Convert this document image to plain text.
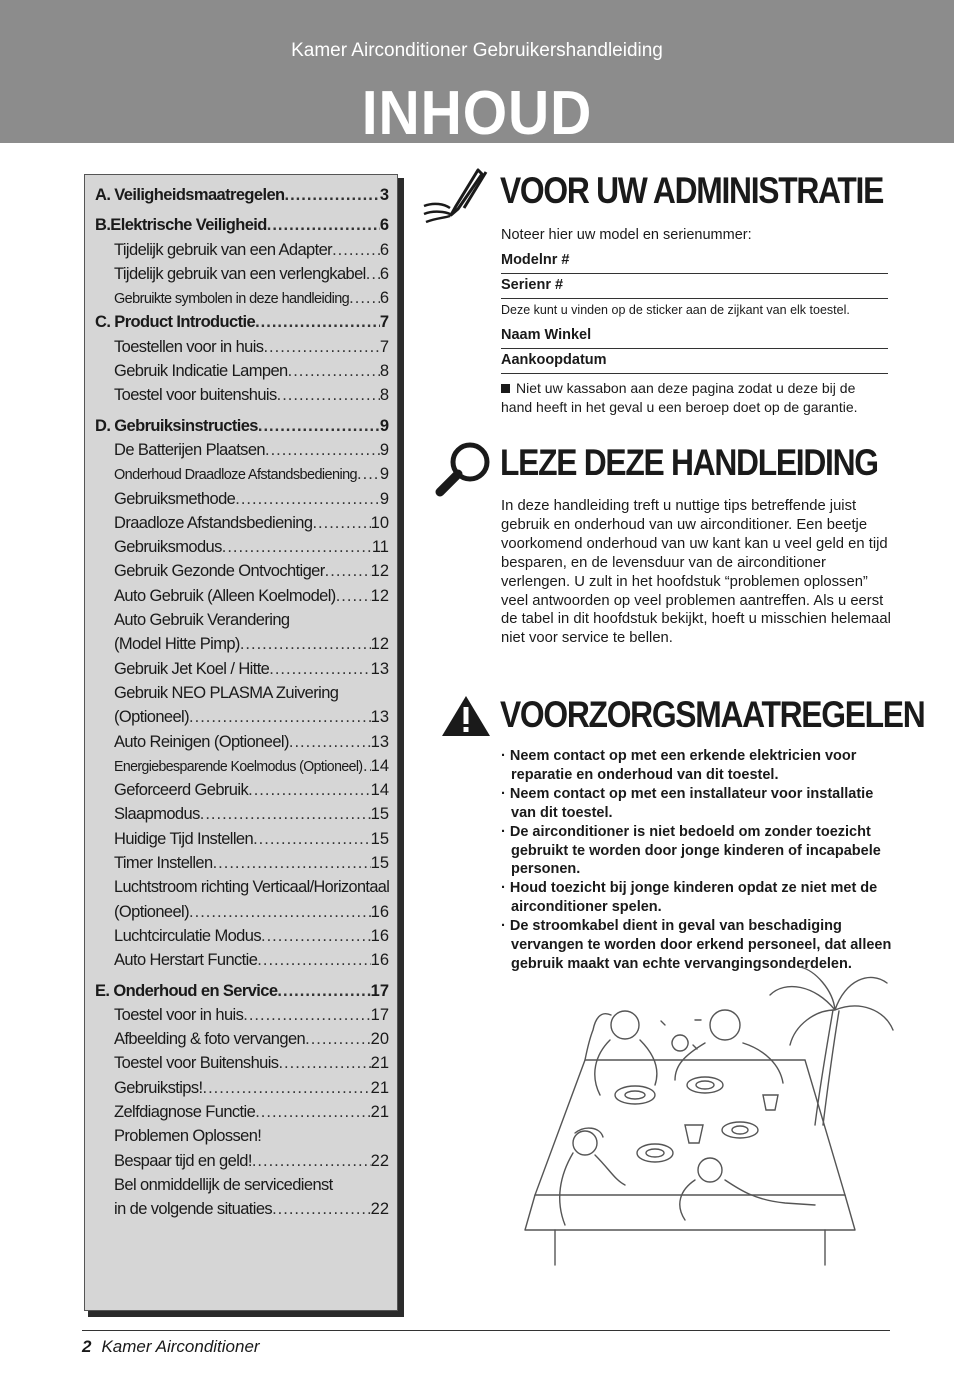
Kamer Airconditioner Gebruikershandleiding
INHOUD
A. Veiligheidsmaatregelen .....	3
B.Elektrische Veiligheid .....	6
Tijdelijk gebruik van een Adapter .....	6
Tijdelijk gebruik van een verlengkabel ..... 6
Gebruikte symbolen in deze handleiding ..... 6
C. Product Introductie .....	7
Toestellen voor in huis .....	7
Gebruik Indicatie Lampen .....	8
Toestel voor buitenshuis .....	8
D. Gebruiksinstructies .....	9
De Batterijen Plaatsen .....	9
Onderhoud Draadloze Afstandsbediening ..... 9
Gebruiksmethode .....	9
Draadloze Afstandsbediening .....	10
Gebruiksmodus .....	11
Gebruik Gezonde Ontvochtiger .....	12
Auto Gebruik (Alleen Koelmodel) ..... 12
Auto Gebruik Verandering
(Model Hitte Pimp) .....	12
Gebruik Jet Koel / Hitte .....	13
Gebruik NEO PLASMA Zuivering
(Optioneel) .....	13
Auto Reinigen (Optioneel) .....	13
Energiebesparende Koelmodus (Optioneel) ..... 14
Geforceerd Gebruik .....	14
Slaapmodus .....	15
Huidige Tijd Instellen .....	15
Timer Instellen .....	15
Luchtstroom richting Verticaal/Horizontaal
(Optioneel) .....	16
Luchtcirculatie Modus .....	16
Auto Herstart Functie .....	16
E. Onderhoud en Service .....	17
Toestel voor in huis .....	17
Afbeelding & foto vervangen .....	20
Toestel voor Buitenshuis .....	21
Gebruikstips! .....	21
Zelfdiagnose Functie .....	21
Problemen Oplossen!
Bespaar tijd en geld! .....	22
Bel onmiddellijk de servicedienst
in de volgende situaties .....	22
VOOR UW ADMINISTRATIE
Noteer hier uw model en serienummer:
Modelnr #
Serienr #
Deze kunt u vinden op de sticker aan de zijkant van elk toestel.
Naam Winkel
Aankoopdatum
Niet uw kassabon aan deze pagina zodat u deze bij de hand heeft in het geval u een beroep doet op de garantie.
LEZE DEZE HANDLEIDING
In deze handleiding treft u nuttige tips betreffende juist gebruik en onderhoud van uw airconditioner. Een beetje voorkomend onderhoud van uw kant kan u veel geld en tijd besparen, en de levensduur van de airconditioner verlengen. U zult in het hoofdstuk “problemen oplossen” veel antwoorden op veel problemen aantreffen. Als u eerst de tabel in dit hoofdstuk bekijkt, hoeft u misschien helemaal niet voor service te bellen.
VOORZORGSMAATREGELEN
· Neem contact op met een erkende elektricien voor reparatie en onderhoud van dit toestel.
· Neem contact op met een installateur voor installatie van dit toestel.
· De airconditioner is niet bedoeld om zonder toezicht gebruikt te worden door jonge kinderen of incapabele personen.
· Houd toezicht bij jonge kinderen opdat ze niet met de airconditioner spelen.
· De stroomkabel dient in geval van beschadiging vervangen te worden door erkend personeel, dat alleen gebruik maakt van echte vervangingsonderdelen.
2 Kamer Airconditioner
